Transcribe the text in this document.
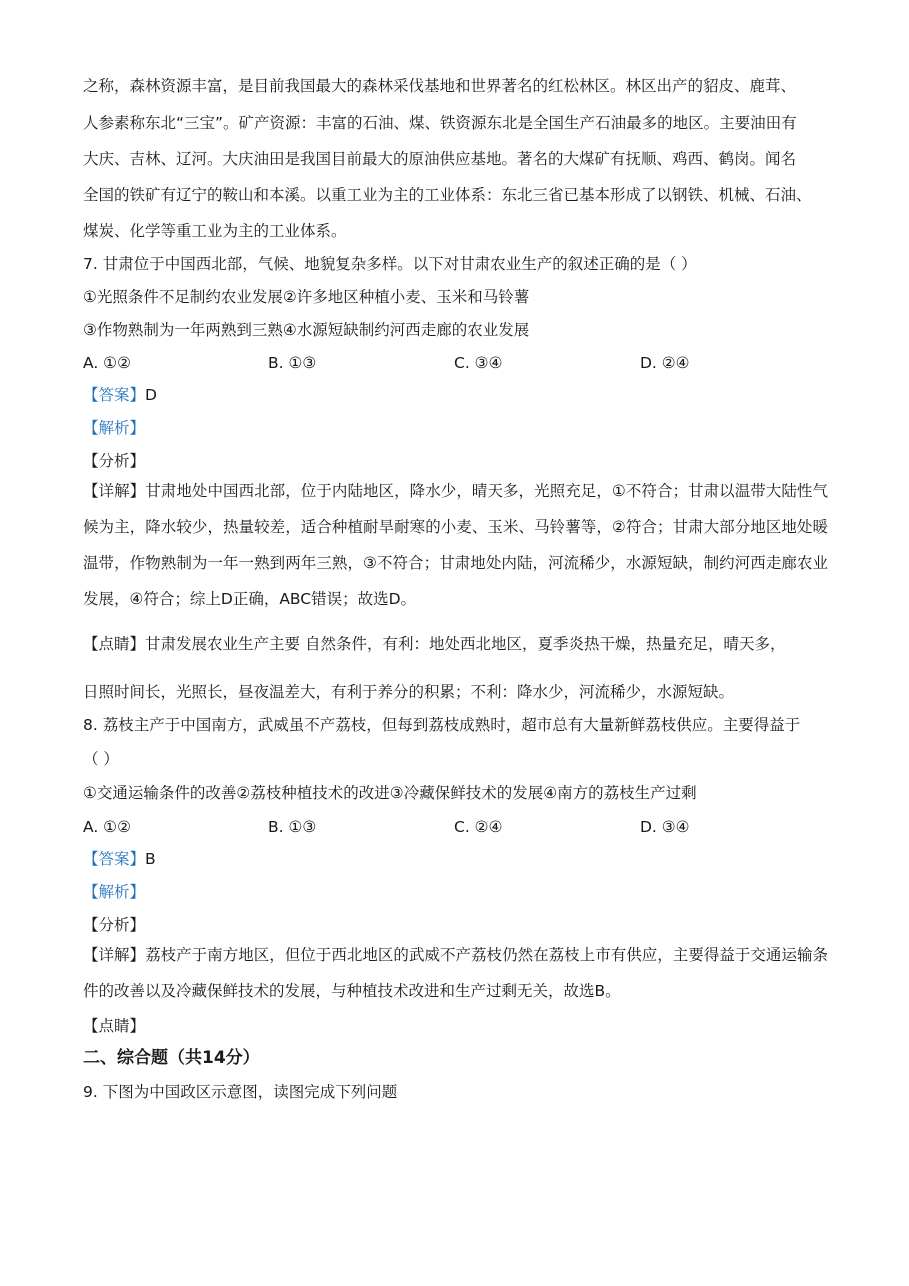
之称，森林资源丰富，是目前我国最大的森林采伐基地和世界著名的红松林区。林区出产的貂皮、鹿茸、
人参素称东北“三宝”。矿产资源：丰富的石油、煤、铁资源东北是全国生产石油最多的地区。主要油田有
大庆、吉林、辽河。大庆油田是我国目前最大的原油供应基地。著名的大煤矿有抚顺、鸡西、鹤岗。闻名
全国的铁矿有辽宁的鞍山和本溪。以重工业为主的工业体系：东北三省已基本形成了以钢铁、机械、石油、
煤炭、化学等重工业为主的工业体系。
7. 甘肃位于中国西北部，气候、地貌复杂多样。以下对甘肃农业生产的叙述正确的是（ ）
①光照条件不足制约农业发展②许多地区种植小麦、玉米和马铃薯
③作物熟制为一年两熟到三熟④水源短缺制约河西走廊的农业发展
A. ①②	B. ①③	C. ③④	D. ②④
【答案】D
【解析】
【分析】
【详解】甘肃地处中国西北部，位于内陆地区，降水少，晴天多，光照充足，①不符合；甘肃以温带大陆性气候为主，降水较少，热量较差，适合种植耐旱耐寒的小麦、玉米、马铃薯等，②符合；甘肃大部分地区地处暖温带，作物熟制为一年一熟到两年三熟，③不符合；甘肃地处内陆，河流稀少，水源短缺，制约河西走廊农业发展，④符合；综上D正确，ABC错误；故选D。
【点睛】甘肃发展农业生产主要 自然条件，有利：地处西北地区，夏季炎热干燥，热量充足，晴天多，
日照时间长，光照长，昼夜温差大，有利于养分的积累；不利：降水少，河流稀少，水源短缺。
8. 荔枝主产于中国南方，武威虽不产荔枝，但每到荔枝成熟时，超市总有大量新鲜荔枝供应。主要得益于
（ ）
①交通运输条件的改善②荔枝种植技术的改进③冷藏保鲜技术的发展④南方的荔枝生产过剩
A. ①②	B. ①③	C. ②④	D. ③④
【答案】B
【解析】
【分析】
【详解】荔枝产于南方地区，但位于西北地区的武威不产荔枝仍然在荔枝上市有供应，主要得益于交通运输条件的改善以及冷藏保鲜技术的发展，与种植技术改进和生产过剩无关，故选B。
【点睛】
二、综合题（共14分）
9. 下图为中国政区示意图，读图完成下列问题
